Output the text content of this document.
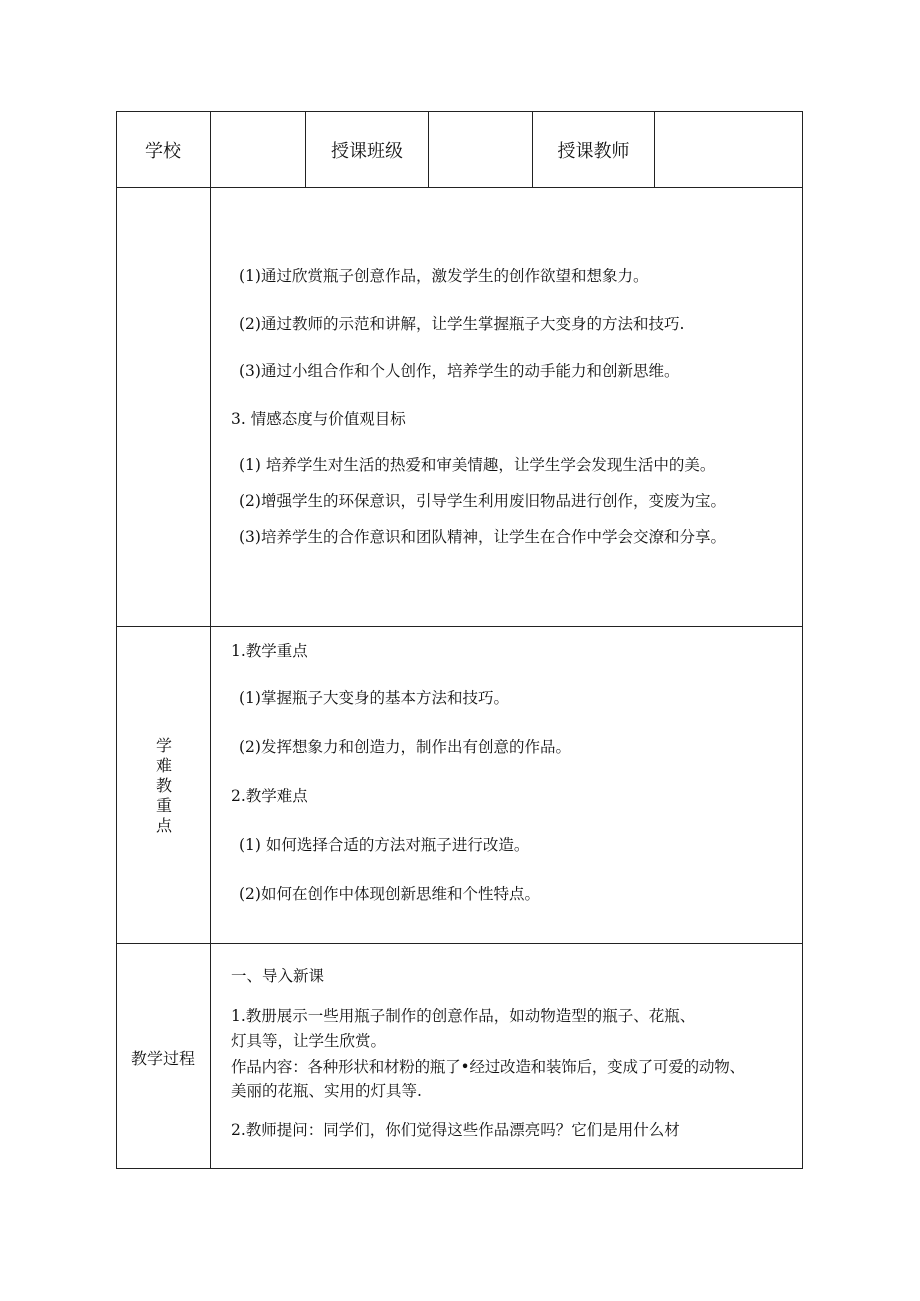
学校	授课班级	授课教师
(1)通过欣赏瓶子创意作品，激发学生的创作欲望和想象力。
(2)通过教师的示范和讲解，让学生掌握瓶子大变身的方法和技巧.
(3)通过小组合作和个人创作，培养学生的动手能力和创新思维。
3. 情感态度与价值观目标
(1) 培养学生对生活的热爱和审美情趣，让学生学会发现生活中的美。
(2)增强学生的环保意识，引导学生利用废旧物品进行创作，变废为宝。
(3)培养学生的合作意识和团队精神，让学生在合作中学会交潦和分享。
学难教重点
1.教学重点
(1)掌握瓶子大变身的基本方法和技巧。
(2)发挥想象力和创造力，制作出有创意的作品。
2.教学难点
(1) 如何选择合适的方法对瓶子进行改造。
(2)如何在创作中体现创新思维和个性特点。
教学过程
一、导入新课
1.教册展示一些用瓶子制作的创意作品，如动物造型的瓶子、花瓶、
灯具等，让学生欣赏。
作品内容：各种形状和材粉的瓶了•经过改造和装饰后，变成了可爱的动物、
美丽的花瓶、实用的灯具等.
2.教师提问：同学们，你们觉得这些作品漂亮吗？它们是用什么材
